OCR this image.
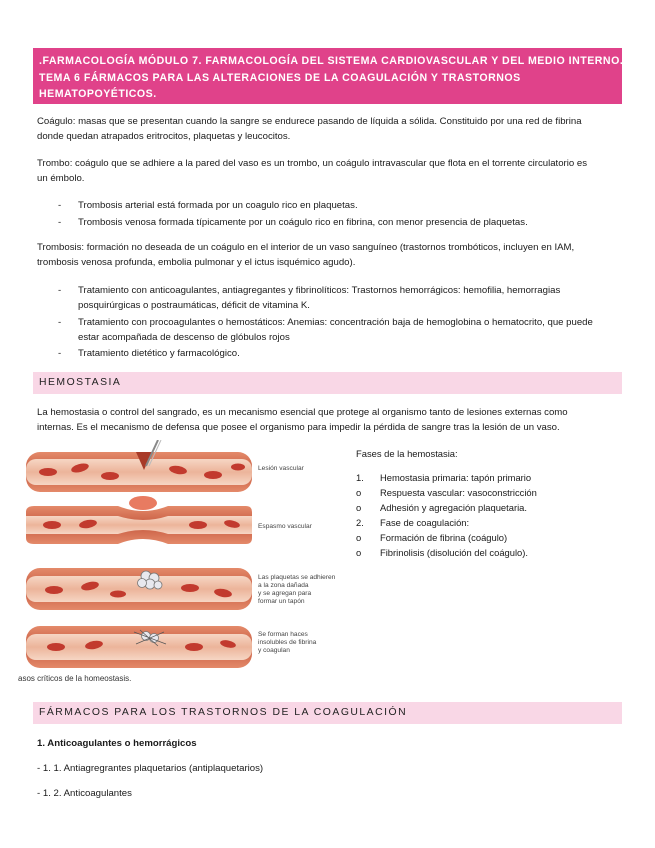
.FARMACOLOGÍA MÓDULO 7. FARMACOLOGÍA DEL SISTEMA CARDIOVASCULAR Y DEL MEDIO INTERNO.
TEMA 6 FÁRMACOS PARA LAS ALTERACIONES DE LA COAGULACIÓN Y TRASTORNOS
HEMATOPOYÉTICOS.
Coágulo: masas que se presentan cuando la sangre se endurece pasando de líquida a sólida. Constituido por una red de fibrina
donde quedan atrapados eritrocitos, plaquetas y leucocitos.
Trombo: coágulo que se adhiere a la pared del vaso es un trombo, un coágulo intravascular que flota en el torrente circulatorio es
un émbolo.
- Trombosis arterial está formada por un coagulo rico en plaquetas.
- Trombosis venosa formada típicamente por un coágulo rico en fibrina, con menor presencia de plaquetas.
Trombosis: formación no deseada de un coágulo en el interior de un vaso sanguíneo (trastornos trombóticos, incluyen en IAM,
trombosis venosa profunda, embolia pulmonar y el ictus isquémico agudo).
- Tratamiento con anticoagulantes, antiagregantes y fibrinolíticos: Trastornos hemorrágicos: hemofilia, hemorragias
posquirúrgicas o postraumáticas, déficit de vitamina K.
- Tratamiento con procoagulantes o hemostáticos: Anemias: concentración baja de hemoglobina o hematocrito, que puede
estar acompañada de descenso de glóbulos rojos
- Tratamiento dietético y farmacológico.
HEMOSTASIA
La hemostasia o control del sangrado, es un mecanismo esencial que protege al organismo tanto de lesiones externas como
internas. Es el mecanismo de defensa que posee el organismo para impedir la pérdida de sangre tras la lesión de un vaso.
Lesión vascular
Espasmo vascular
Las plaquetas se adhieren
a la zona dañada
y se agregan para
formar un tapón
Se forman haces
insolubles de fibrina
y coagulan
asos críticos de la homeostasis.
Fases de la hemostasia:
1. Hemostasia primaria: tapón primario
o Respuesta vascular: vasoconstricción
o Adhesión y agregación plaquetaria.
2. Fase de coagulación:
o Formación de fibrina (coágulo)
o Fibrinolisis (disolución del coágulo).
FÁRMACOS PARA LOS TRASTORNOS DE LA COAGULACIÓN
1. Anticoagulantes o hemorrágicos
- 1. 1. Antiagregrantes plaquetarios (antiplaquetarios)
- 1. 2. Anticoagulantes
